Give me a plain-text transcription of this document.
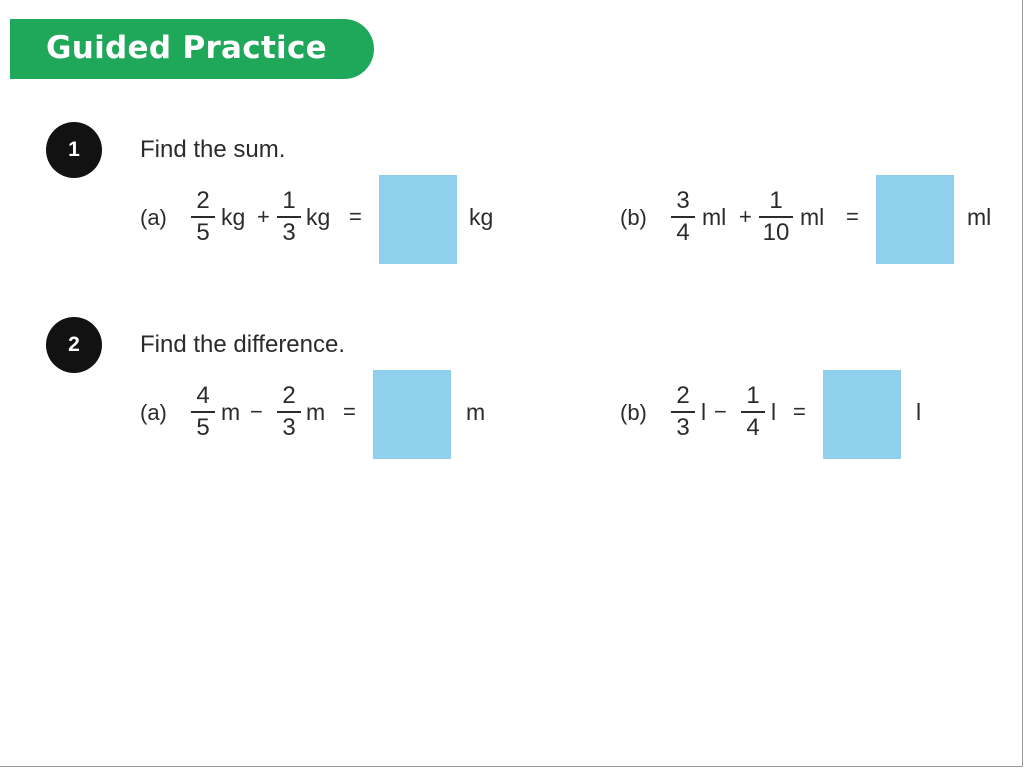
Guided Practice
1	Find the sum.
(a)
2
5
kg +
1
3
kg =	kg	(b)
3
4
ml +
1
10
ml =	ml
2	Find the difference.
(a)
4
5
m −
2
3
m =	m	(b)
2
3
l −
1
4
l =	l
